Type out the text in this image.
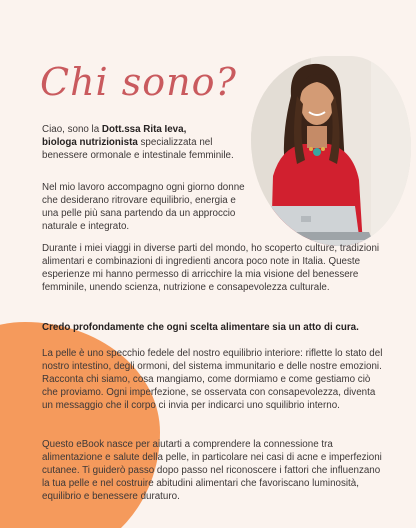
Chi sono?

Ciao, sono la Dott.ssa Rita Ieva,
biologa nutrizionista specializzata nel benessere ormonale e intestinale femminile.

Nel mio lavoro accompagno ogni giorno donne che desiderano ritrovare equilibrio, energia e una pelle più sana partendo da un approccio naturale e integrato.

Durante i miei viaggi in diverse parti del mondo, ho scoperto culture, tradizioni alimentari e combinazioni di ingredienti ancora poco note in Italia. Queste esperienze mi hanno permesso di arricchire la mia visione del benessere femminile, unendo scienza, nutrizione e consapevolezza culturale.

Credo profondamente che ogni scelta alimentare sia un atto di cura.

La pelle è uno specchio fedele del nostro equilibrio interiore: riflette lo stato del nostro intestino, degli ormoni, del sistema immunitario e delle nostre emozioni. Racconta chi siamo, cosa mangiamo, come dormiamo e come gestiamo ciò che proviamo. Ogni imperfezione, se osservata con consapevolezza, diventa un messaggio che il corpo ci invia per indicarci uno squilibrio interno.

Questo eBook nasce per aiutarti a comprendere la connessione tra alimentazione e salute della pelle, in particolare nei casi di acne e imperfezioni cutanee. Ti guiderò passo dopo passo nel riconoscere i fattori che influenzano la tua pelle e nel costruire abitudini alimentari che favoriscano luminosità, equilibrio e benessere duraturo.
